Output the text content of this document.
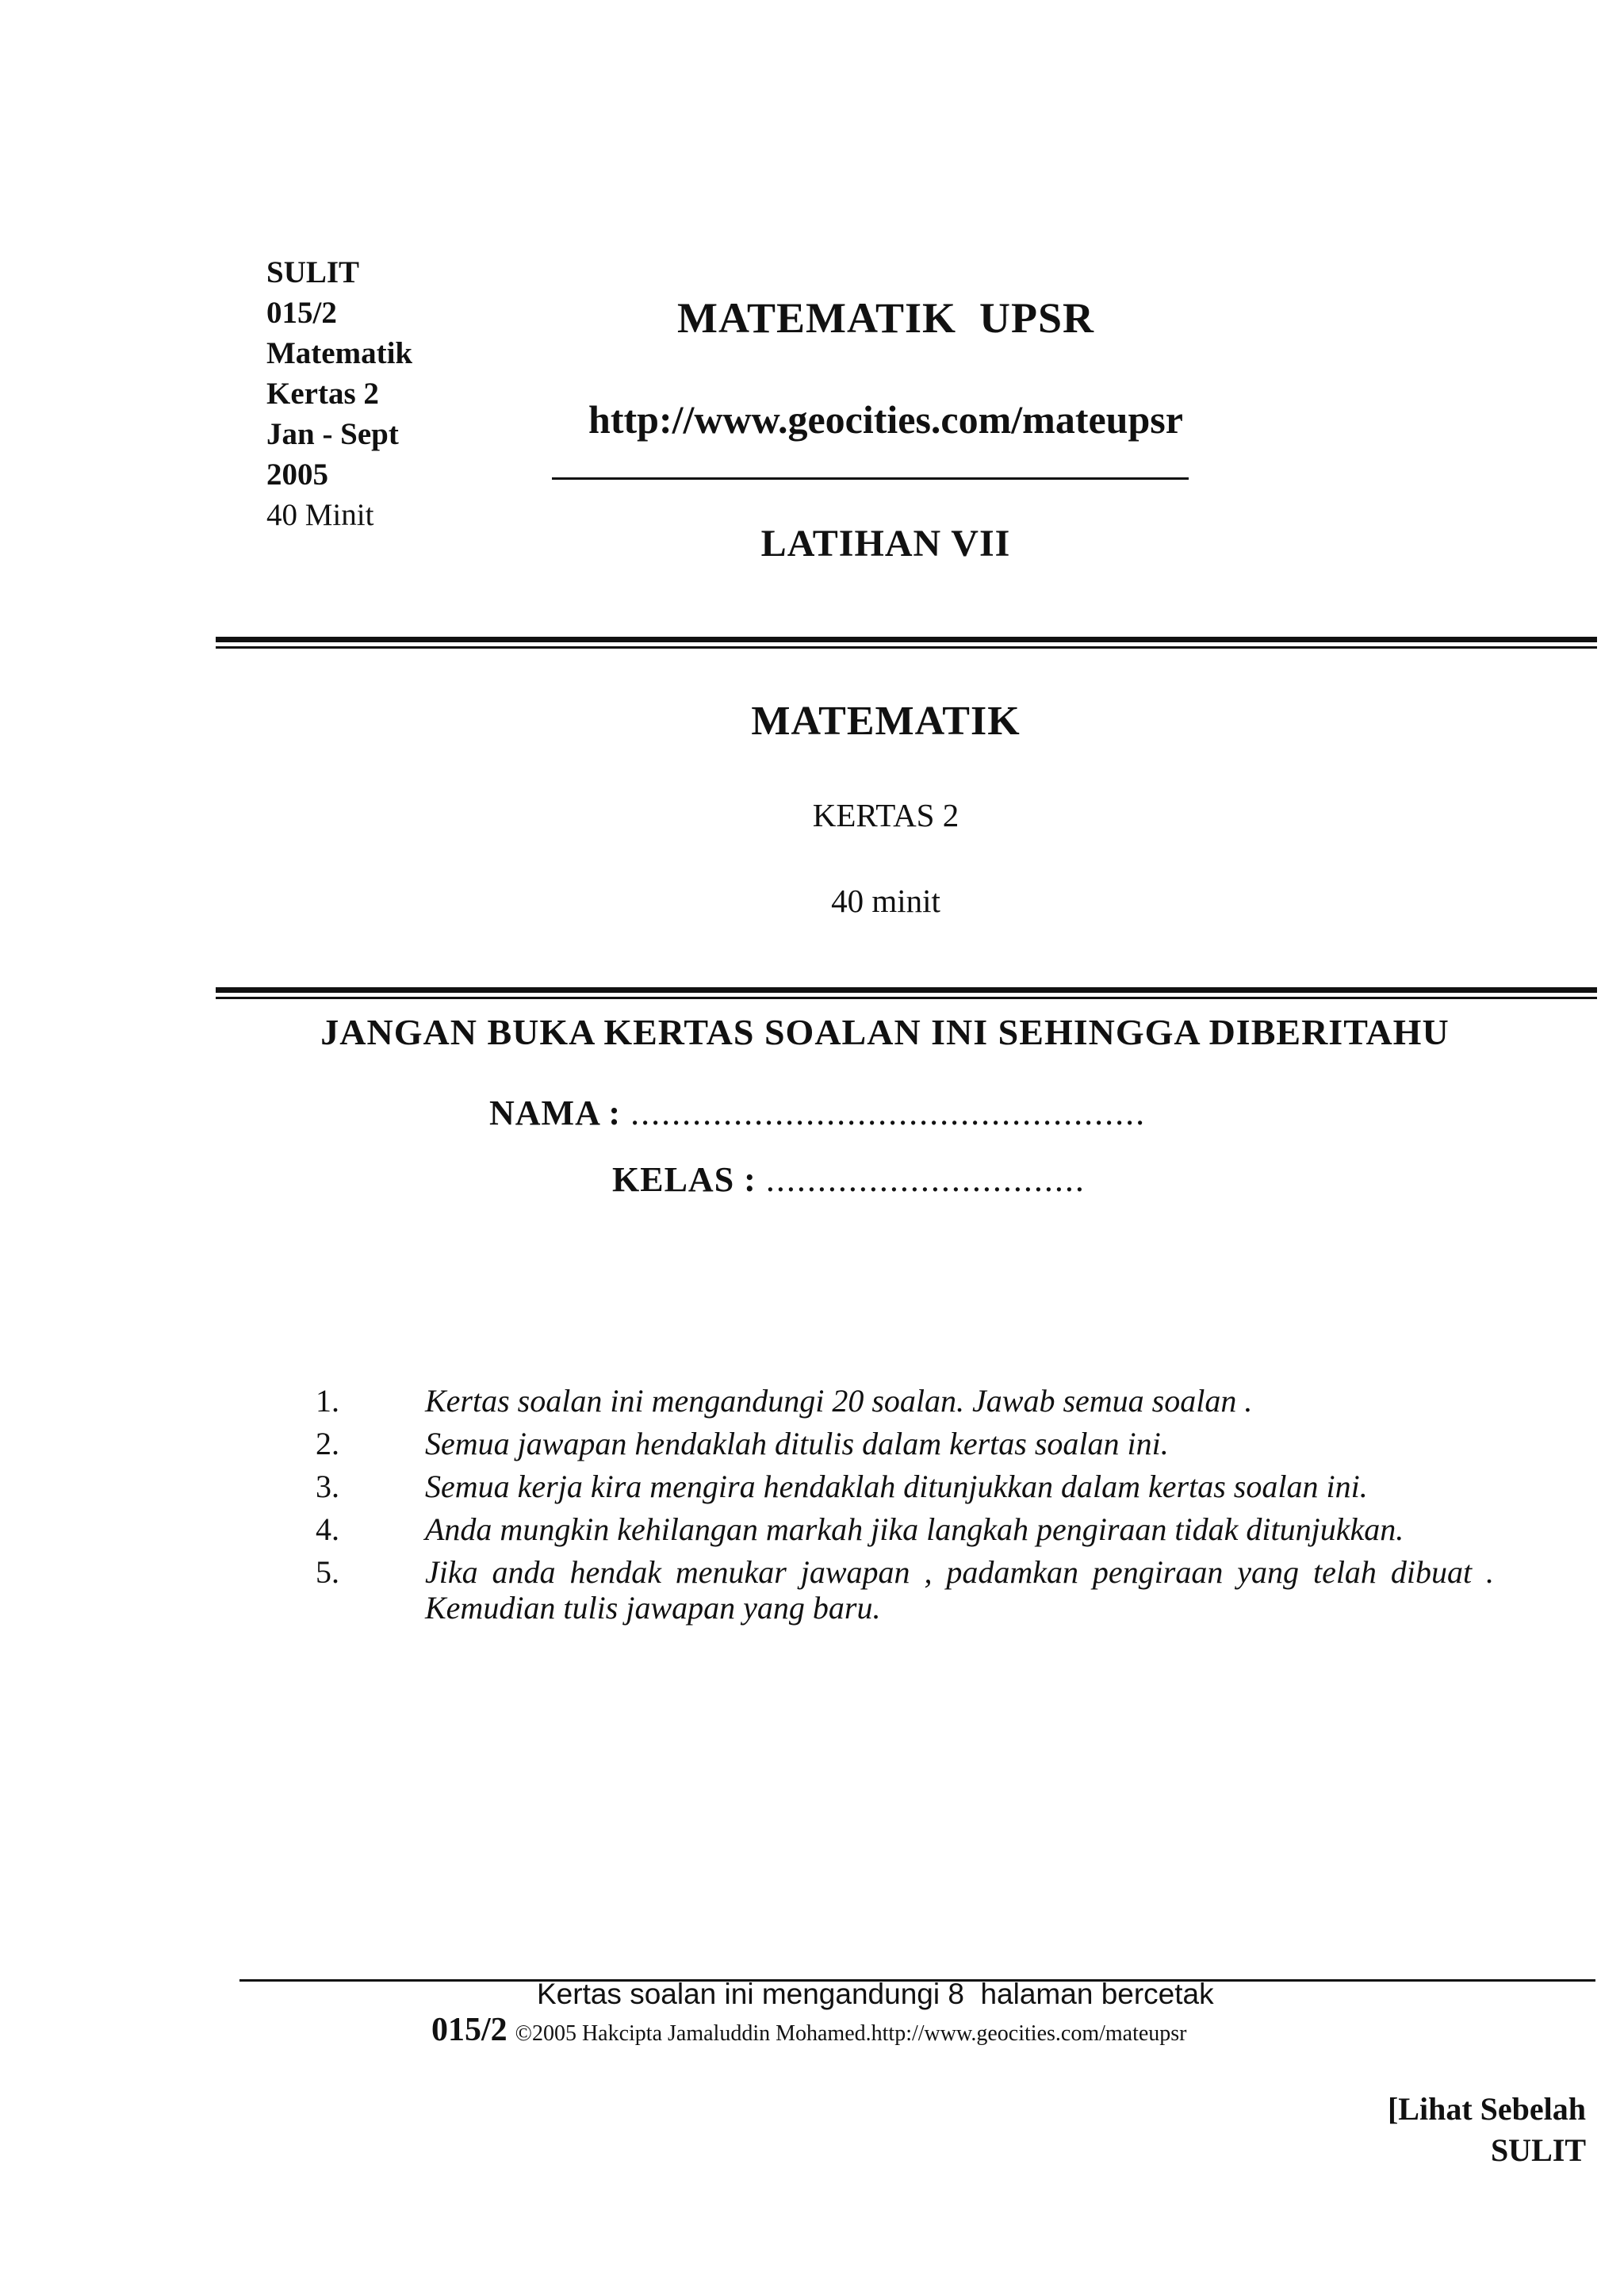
SULIT
015/2
Matematik
Kertas 2
Jan - Sept
2005
40 Minit
MATEMATIK  UPSR
http://www.geocities.com/mateupsr
LATIHAN VII
MATEMATIK
KERTAS 2
40 minit
JANGAN BUKA KERTAS SOALAN INI SEHINGGA DIBERITAHU
NAMA : ..................................................
KELAS : ...............................
1.	Kertas soalan ini mengandungi 20 soalan. Jawab semua soalan .
2.	Semua jawapan hendaklah ditulis dalam kertas soalan ini.
3.	Semua kerja kira mengira hendaklah ditunjukkan dalam kertas soalan ini.
4.	Anda mungkin kehilangan markah jika langkah pengiraan tidak ditunjukkan.
5.	Jika anda hendak menukar jawapan , padamkan pengiraan yang telah dibuat . Kemudian tulis jawapan yang baru.
Kertas soalan ini mengandungi 8  halaman bercetak
015/2 ©2005 Hakcipta Jamaluddin Mohamed.http://www.geocities.com/mateupsr
[Lihat Sebelah
SULIT
